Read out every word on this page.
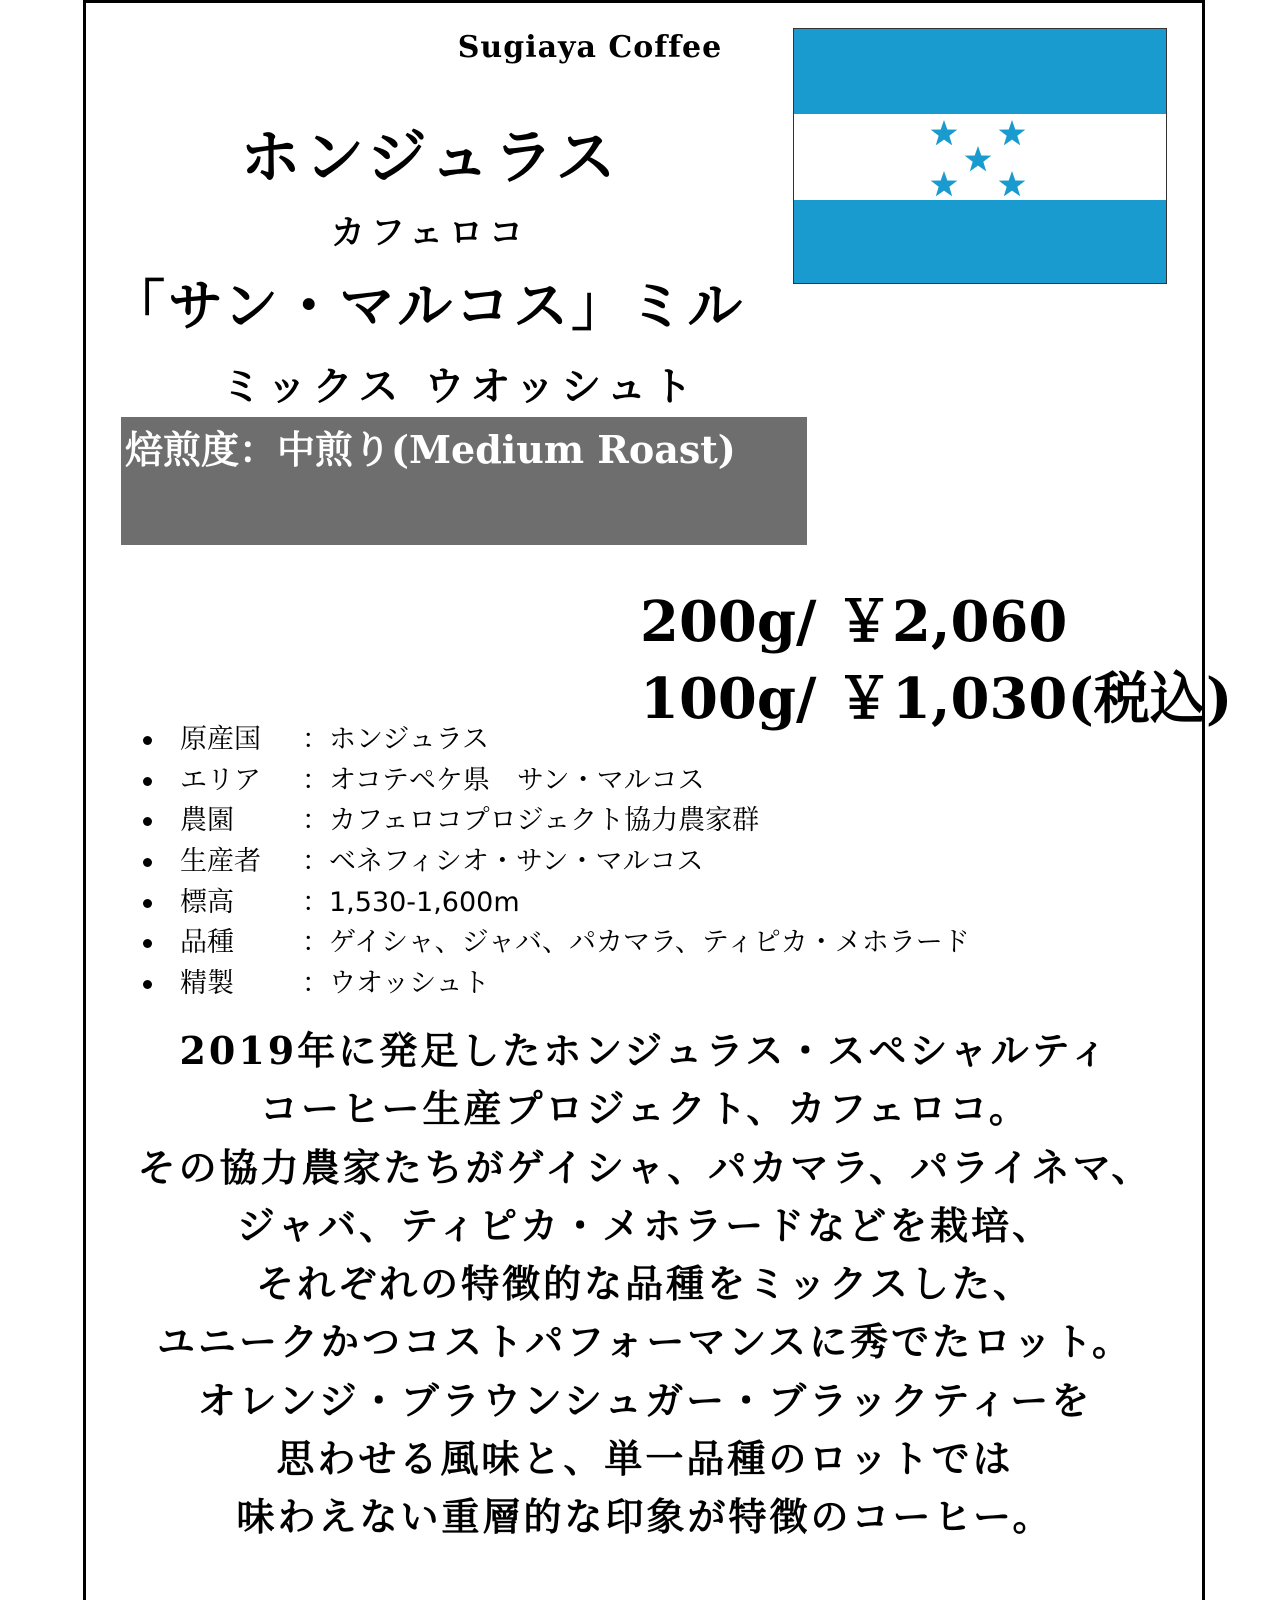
Sugiaya Coffee
ホンジュラス
カフェロコ
「サン・マルコス」ミル
ミックス ウオッシュト
焙煎度：中煎り(Medium Roast)
200g/ ￥2,060
100g/ ￥1,030(税込)
原産国 ：ホンジュラス
エリア ：オコテペケ県　サン・マルコス
農園	：カフェロコプロジェクト協力農家群
生産者 ：ベネフィシオ・サン・マルコス
標高	：1,530-1,600m
品種	：ゲイシャ、ジャバ、パカマラ、ティピカ・メホラード
精製	：ウオッシュト
2019年に発足したホンジュラス・スペシャルティ
コーヒー生産プロジェクト、カフェロコ。
その協力農家たちがゲイシャ、パカマラ、パライネマ、
ジャバ、ティピカ・メホラードなどを栽培、
それぞれの特徴的な品種をミックスした、
ユニークかつコストパフォーマンスに秀でたロット。
オレンジ・ブラウンシュガー・ブラックティーを
思わせる風味と、単一品種のロットでは
味わえない重層的な印象が特徴のコーヒー。
